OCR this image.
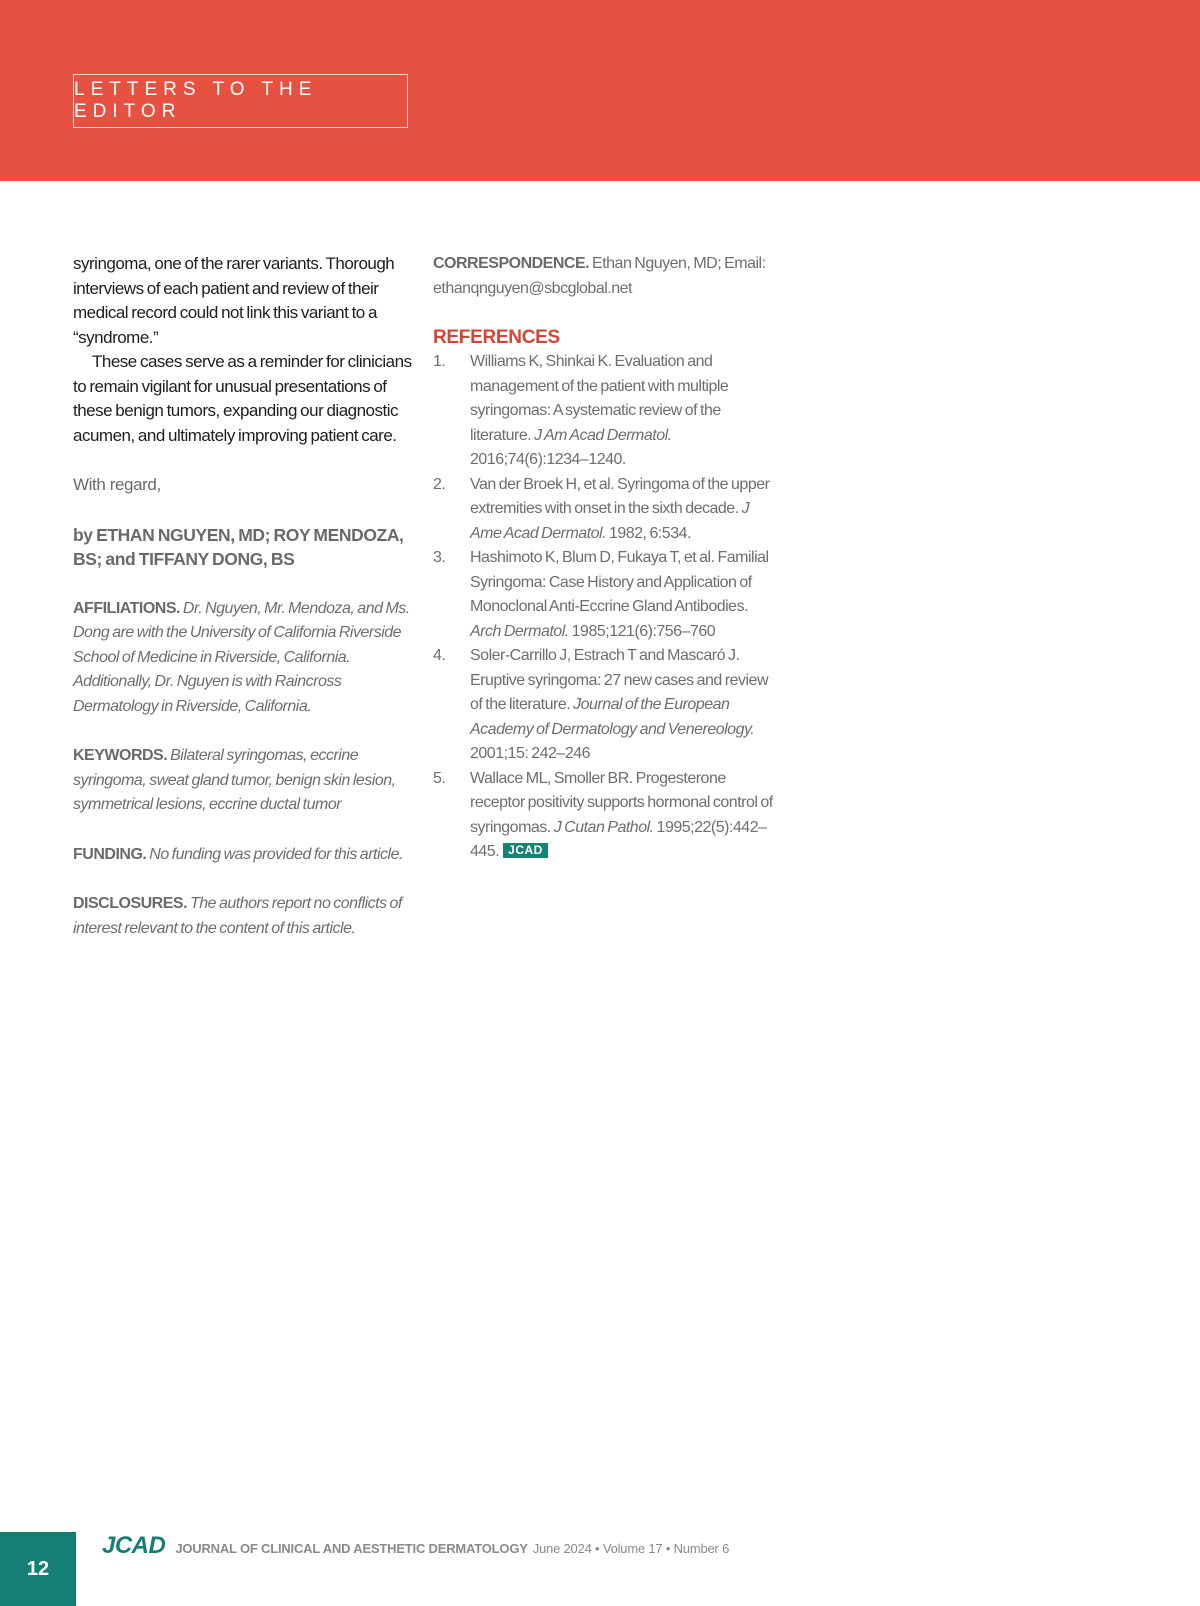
LETTERS TO THE EDITOR

syringoma, one of the rarer variants. Thorough interviews of each patient and review of their medical record could not link this variant to a “syndrome.”

These cases serve as a reminder for clinicians to remain vigilant for unusual presentations of these benign tumors, expanding our diagnostic acumen, and ultimately improving patient care.

With regard,

by ETHAN NGUYEN, MD; ROY MENDOZA, BS; and TIFFANY DONG, BS

AFFILIATIONS. Dr. Nguyen, Mr. Mendoza, and Ms. Dong are with the University of California Riverside School of Medicine in Riverside, California. Additionally, Dr. Nguyen is with Raincross Dermatology in Riverside, California.

KEYWORDS. Bilateral syringomas, eccrine syringoma, sweat gland tumor, benign skin lesion, symmetrical lesions, eccrine ductal tumor

FUNDING. No funding was provided for this article.

DISCLOSURES. The authors report no conflicts of interest relevant to the content of this article.

CORRESPONDENCE. Ethan Nguyen, MD; Email: ethanqnguyen@sbcglobal.net

REFERENCES
1.	Williams K, Shinkai K. Evaluation and management of the patient with multiple syringomas: A systematic review of the literature. J Am Acad Dermatol. 2016;74(6):1234–1240.
2.	Van der Broek H, et al. Syringoma of the upper extremities with onset in the sixth decade. J Ame Acad Dermatol. 1982, 6:534.
3.	Hashimoto K, Blum D, Fukaya T, et al. Familial Syringoma: Case History and Application of Monoclonal Anti-Eccrine Gland Antibodies. Arch Dermatol. 1985;121(6):756–760
4.	Soler-Carrillo J, Estrach T and Mascaró J. Eruptive syringoma: 27 new cases and review of the literature. Journal of the European Academy of Dermatology and Venereology. 2001;15: 242–246
5.	Wallace ML, Smoller BR. Progesterone receptor positivity supports hormonal control of syringomas. J Cutan Pathol. 1995;22(5):442–445. JCAD
12
JCAD JOURNAL OF CLINICAL AND AESTHETIC DERMATOLOGY June 2024 • Volume 17 • Number 6
